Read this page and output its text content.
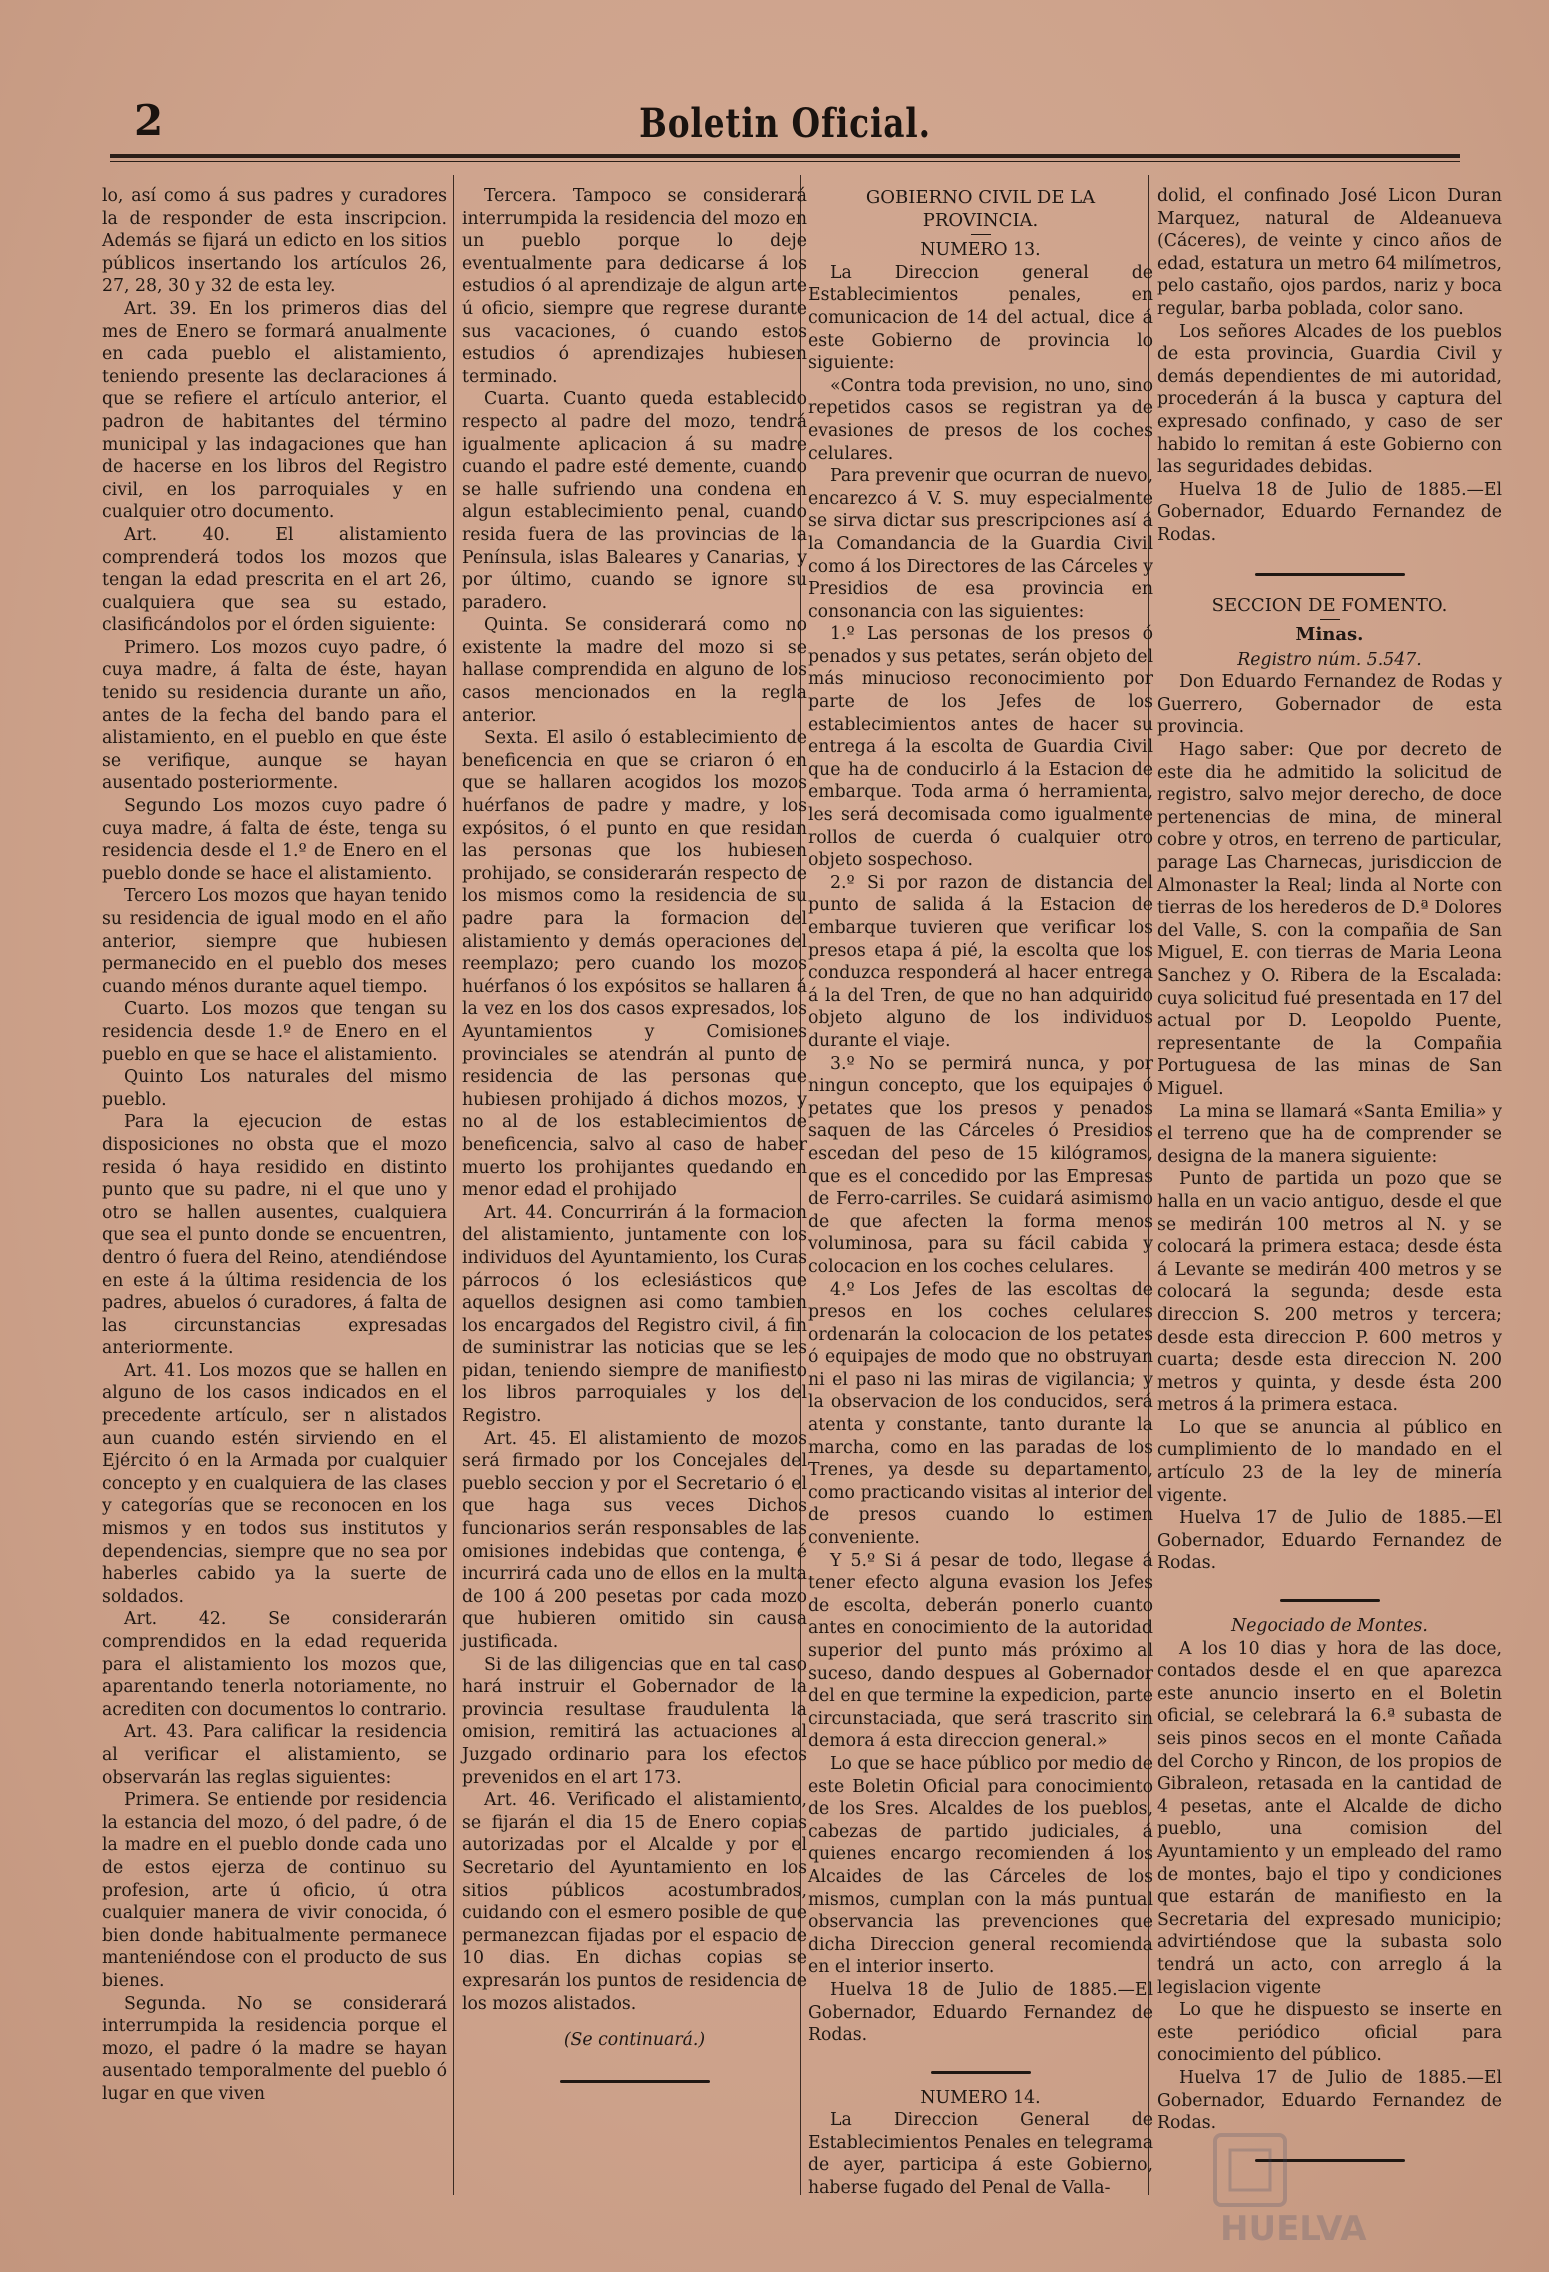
2	Boletin Oficial.

lo, así como á sus padres y curadores la de responder de esta inscripcion. Además se fijará un edicto en los sitios públicos insertando los artículos 26, 27, 28, 30 y 32 de esta ley.

Art. 39. En los primeros dias del mes de Enero se formará anualmente en cada pueblo el alistamiento, teniendo presente las declaraciones á que se refiere el artículo anterior, el padron de habitantes del término municipal y las indagaciones que han de hacerse en los libros del Registro civil, en los parroquiales y en cualquier otro documento.

Art. 40. El alistamiento comprenderá todos los mozos que tengan la edad prescrita en el art 26, cualquiera que sea su estado, clasificándolos por el órden siguiente:

Primero. Los mozos cuyo padre, ó cuya madre, á falta de éste, hayan tenido su residencia durante un año, antes de la fecha del bando para el alistamiento, en el pueblo en que éste se verifique, aunque se hayan ausentado posteriormente.

Segundo Los mozos cuyo padre ó cuya madre, á falta de éste, tenga su residencia desde el 1.º de Enero en el pueblo donde se hace el alistamiento.

Tercero Los mozos que hayan tenido su residencia de igual modo en el año anterior, siempre que hubiesen permanecido en el pueblo dos meses cuando ménos durante aquel tiempo.

Cuarto. Los mozos que tengan su residencia desde 1.º de Enero en el pueblo en que se hace el alistamiento.

Quinto Los naturales del mismo pueblo.

Para la ejecucion de estas disposiciones no obsta que el mozo resida ó haya residido en distinto punto que su padre, ni el que uno y otro se hallen ausentes, cualquiera que sea el punto donde se encuentren, dentro ó fuera del Reino, atendiéndose en este á la última residencia de los padres, abuelos ó curadores, á falta de las circunstancias expresadas anteriormente.

Art. 41. Los mozos que se hallen en alguno de los casos indicados en el precedente artículo, ser n alistados aun cuando estén sirviendo en el Ejército ó en la Armada por cualquier concepto y en cualquiera de las clases y categorías que se reconocen en los mismos y en todos sus institutos y dependencias, siempre que no sea por haberles cabido ya la suerte de soldados.

Art. 42. Se considerarán comprendidos en la edad requerida para el alistamiento los mozos que, aparentando tenerla notoriamente, no acrediten con documentos lo contrario.

Art. 43. Para calificar la residencia al verificar el alistamiento, se observarán las reglas siguientes:

Primera. Se entiende por residencia la estancia del mozo, ó del padre, ó de la madre en el pueblo donde cada uno de estos ejerza de continuo su profesion, arte ú oficio, ú otra cualquier manera de vivir conocida, ó bien donde habitualmente permanece manteniéndose con el producto de sus bienes.

Segunda. No se considerará interrumpida la residencia porque el mozo, el padre ó la madre se hayan ausentado temporalmente del pueblo ó lugar en que viven

Tercera. Tampoco se considerará interrumpida la residencia del mozo en un pueblo porque lo deje eventualmente para dedicarse á los estudios ó al aprendizaje de algun arte ú oficio, siempre que regrese durante sus vacaciones, ó cuando estos estudios ó aprendizajes hubiesen terminado.

Cuarta. Cuanto queda establecido respecto al padre del mozo, tendrá igualmente aplicacion á su madre cuando el padre esté demente, cuando se halle sufriendo una condena en algun establecimiento penal, cuando resida fuera de las provincias de la Península, islas Baleares y Canarias, y por último, cuando se ignore su paradero.

Quinta. Se considerará como no existente la madre del mozo si se hallase comprendida en alguno de los casos mencionados en la regla anterior.

Sexta. El asilo ó establecimiento de beneficencia en que se criaron ó en que se hallaren acogidos los mozos huérfanos de padre y madre, y los expósitos, ó el punto en que residan las personas que los hubiesen prohijado, se considerarán respecto de los mismos como la residencia de su padre para la formacion del alistamiento y demás operaciones del reemplazo; pero cuando los mozos huérfanos ó los expósitos se hallaren á la vez en los dos casos expresados, los Ayuntamientos y Comisiones provinciales se atendrán al punto de residencia de las personas que hubiesen prohijado á dichos mozos, y no al de los establecimientos de beneficencia, salvo al caso de haber muerto los prohijantes quedando en menor edad el prohijado

Art. 44. Concurrirán á la formacion del alistamiento, juntamente con los individuos del Ayuntamiento, los Curas párrocos ó los eclesiásticos que aquellos designen asi como tambien los encargados del Registro civil, á fin de suministrar las noticias que se les pidan, teniendo siempre de manifiesto los libros parroquiales y los del Registro.

Art. 45. El alistamiento de mozos será firmado por los Concejales del pueblo seccion y por el Secretario ó el que haga sus veces Dichos funcionarios serán responsables de las omisiones indebidas que contenga, é incurrirá cada uno de ellos en la multa de 100 á 200 pesetas por cada mozo que hubieren omitido sin causa justificada.

Si de las diligencias que en tal caso hará instruir el Gobernador de la provincia resultase fraudulenta la omision, remitirá las actuaciones al Juzgado ordinario para los efectos prevenidos en el art 173.

Art. 46. Verificado el alistamiento, se fijarán el dia 15 de Enero copias autorizadas por el Alcalde y por el Secretario del Ayuntamiento en los sitios públicos acostumbrados, cuidando con el esmero posible de que permanezcan fijadas por el espacio de 10 dias. En dichas copias se expresarán los puntos de residencia de los mozos alistados.

(Se continuará.)

GOBIERNO CIVIL DE LA PROVINCIA.

NUMERO 13.

La Direccion general de Establecimientos penales, en comunicacion de 14 del actual, dice á este Gobierno de provincia lo siguiente:

«Contra toda prevision, no uno, sino repetidos casos se registran ya de evasiones de presos de los coches celulares.

Para prevenir que ocurran de nuevo, encarezco á V. S. muy especialmente se sirva dictar sus prescripciones así á la Comandancia de la Guardia Civil como á los Directores de las Cárceles y Presidios de esa provincia en consonancia con las siguientes:

1.º Las personas de los presos ó penados y sus petates, serán objeto del más minucioso reconocimiento por parte de los Jefes de los establecimientos antes de hacer su entrega á la escolta de Guardia Civil que ha de conducirlo á la Estacion de embarque. Toda arma ó herramienta, les será decomisada como igualmente rollos de cuerda ó cualquier otro objeto sospechoso.

2.º Si por razon de distancia del punto de salida á la Estacion de embarque tuvieren que verificar los presos etapa á pié, la escolta que los conduzca responderá al hacer entrega á la del Tren, de que no han adquirido objeto alguno de los individuos durante el viaje.

3.º No se permirá nunca, y por ningun concepto, que los equipajes ó petates que los presos y penados saquen de las Cárceles ó Presidios escedan del peso de 15 kilógramos, que es el concedido por las Empresas de Ferro-carriles. Se cuidará asimismo de que afecten la forma menos voluminosa, para su fácil cabida y colocacion en los coches celulares.

4.º Los Jefes de las escoltas de presos en los coches celulares ordenarán la colocacion de los petates ó equipajes de modo que no obstruyan ni el paso ni las miras de vigilancia; y la observacion de los conducidos, será atenta y constante, tanto durante la marcha, como en las paradas de los Trenes, ya desde su departamento, como practicando visitas al interior del de presos cuando lo estimen conveniente.

Y 5.º Si á pesar de todo, llegase á tener efecto alguna evasion los Jefes de escolta, deberán ponerlo cuanto antes en conocimiento de la autoridad superior del punto más próximo al suceso, dando despues al Gobernador del en que termine la expedicion, parte circunstaciada, que será trascrito sin demora á esta direccion general.»

Lo que se hace público por medio de este Boletin Oficial para conocimiento de los Sres. Alcaldes de los pueblos, cabezas de partido judiciales, á quienes encargo recomienden á los Alcaides de las Cárceles de los mismos, cumplan con la más puntual observancia las prevenciones que dicha Direccion general recomienda en el interior inserto.

Huelva 18 de Julio de 1885.—El Gobernador, Eduardo Fernandez de Rodas.

NUMERO 14.

La Direccion General de Establecimientos Penales en telegrama de ayer, participa á este Gobierno, haberse fugado del Penal de Valla-

dolid, el confinado José Licon Duran Marquez, natural de Aldeanueva (Cáceres), de veinte y cinco años de edad, estatura un metro 64 milímetros, pelo castaño, ojos pardos, nariz y boca regular, barba poblada, color sano.

Los señores Alcades de los pueblos de esta provincia, Guardia Civil y demás dependientes de mi autoridad, procederán á la busca y captura del expresado confinado, y caso de ser habido lo remitan á este Gobierno con las seguridades debidas.

Huelva 18 de Julio de 1885.—El Gobernador, Eduardo Fernandez de Rodas.

SECCION DE FOMENTO.

Minas.

Registro núm. 5.547.

Don Eduardo Fernandez de Rodas y Guerrero, Gobernador de esta provincia.

Hago saber: Que por decreto de este dia he admitido la solicitud de registro, salvo mejor derecho, de doce pertenencias de mina, de mineral cobre y otros, en terreno de particular, parage Las Charnecas, jurisdiccion de Almonaster la Real; linda al Norte con tierras de los herederos de D.ª Dolores del Valle, S. con la compañia de San Miguel, E. con tierras de Maria Leona Sanchez y O. Ribera de la Escalada: cuya solicitud fué presentada en 17 del actual por D. Leopoldo Puente, representante de la Compañia Portuguesa de las minas de San Miguel.

La mina se llamará «Santa Emilia» y el terreno que ha de comprender se designa de la manera siguiente:

Punto de partida un pozo que se halla en un vacio antiguo, desde el que se medirán 100 metros al N. y se colocará la primera estaca; desde ésta á Levante se medirán 400 metros y se colocará la segunda; desde esta direccion S. 200 metros y tercera; desde esta direccion P. 600 metros y cuarta; desde esta direccion N. 200 metros y quinta, y desde ésta 200 metros á la primera estaca.

Lo que se anuncia al público en cumplimiento de lo mandado en el artículo 23 de la ley de minería vigente.

Huelva 17 de Julio de 1885.—El Gobernador, Eduardo Fernandez de Rodas.

Negociado de Montes.

A los 10 dias y hora de las doce, contados desde el en que aparezca este anuncio inserto en el Boletin oficial, se celebrará la 6.ª subasta de seis pinos secos en el monte Cañada del Corcho y Rincon, de los propios de Gibraleon, retasada en la cantidad de 4 pesetas, ante el Alcalde de dicho pueblo, una comision del Ayuntamiento y un empleado del ramo de montes, bajo el tipo y condiciones que estarán de manifiesto en la Secretaria del expresado municipio; advirtiéndose que la subasta solo tendrá un acto, con arreglo á la legislacion vigente

Lo que he dispuesto se inserte en este periódico oficial para conocimiento del público.

Huelva 17 de Julio de 1885.—El Gobernador, Eduardo Fernandez de Rodas.

HUELVA
